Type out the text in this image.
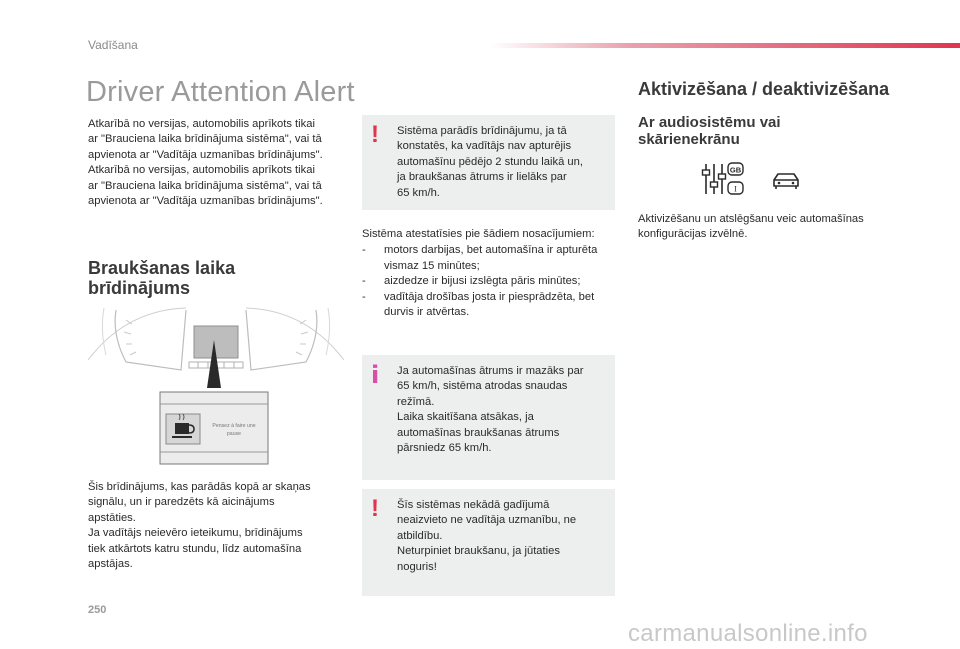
Vadīšana
Driver Attention Alert
Atkarībā no versijas, automobilis aprīkots tikai
ar "Brauciena laika brīdinājuma sistēma", vai tā
apvienota ar "Vadītāja uzmanības brīdinājums".
Atkarībā no versijas, automobilis aprīkots tikai
ar "Brauciena laika brīdinājuma sistēma", vai tā
apvienota ar "Vadītāja uzmanības brīdinājums".
! Sistēma parādīs brīdinājumu, ja tā
konstatēs, ka vadītājs nav apturējis
automašīnu pēdējo 2 stundu laikā un,
ja braukšanas ātrums ir lielāks par
65 km/h.
Sistēma atestatīsies pie šādiem nosacījumiem:
- motors darbijas, bet automašīna ir apturēta
vismaz 15 minūtes;
- aizdedze ir bijusi izslēgta pāris minūtes;
- vadītāja drošības josta ir piesprādzēta, bet
durvis ir atvērtas.
Braukšanas laika
brīdinājums
Pensez à faire une
pause
i Ja automašīnas ātrums ir mazāks par
65 km/h, sistēma atrodas snaudas
režīmā.
Laika skaitīšana atsākas, ja
automašīnas braukšanas ātrums
pārsniedz 65 km/h.
! Šīs sistēmas nekādā gadījumā
neaizvieto ne vadītāja uzmanību, ne
atbildību.
Neturpiniet braukšanu, ja jūtaties
noguris!
Šis brīdinājums, kas parādās kopā ar skaņas
signālu, un ir paredzēts kā aicinājums
apstāties.
Ja vadītājs neievēro ieteikumu, brīdinājums
tiek atkārtots katru stundu, līdz automašīna
apstājas.
Aktivizēšana / deaktivizēšana
Ar audiosistēmu vai
skārienekrānu
GB
I
Aktivizēšanu un atslēgšanu veic automašīnas
konfigurācijas izvēlnē.
250
carmanualsonline.info
